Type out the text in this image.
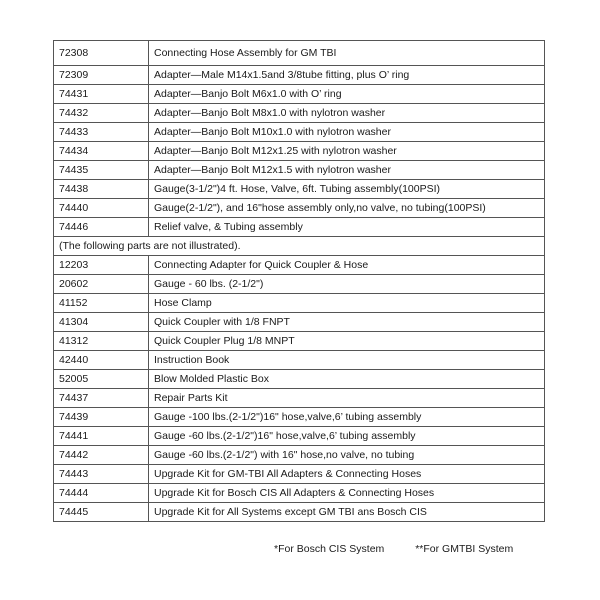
72308	Connecting Hose Assembly for GM TBI
72309	Adapter—Male M14x1.5and 3/8tube fitting, plus O’ ring
74431	Adapter—Banjo Bolt M6x1.0 with O’ ring
74432	Adapter—Banjo Bolt M8x1.0 with nylotron washer
74433	Adapter—Banjo Bolt M10x1.0 with nylotron washer
74434	Adapter—Banjo Bolt M12x1.25 with nylotron washer
74435	Adapter—Banjo Bolt M12x1.5 with nylotron washer
74438	Gauge(3-1/2")4 ft. Hose, Valve, 6ft. Tubing assembly(100PSI)
74440	Gauge(2-1/2"), and 16"hose assembly only,no valve, no tubing(100PSI)
74446	Relief valve, & Tubing assembly
(The following parts are not illustrated).	
12203	Connecting Adapter for Quick Coupler & Hose
20602	Gauge - 60 lbs. (2-1/2")
41152	Hose Clamp
41304	Quick Coupler with 1/8 FNPT
41312	Quick Coupler Plug 1/8 MNPT
42440	Instruction Book
52005	Blow Molded Plastic Box
74437	Repair Parts Kit
74439	Gauge -100 lbs.(2-1/2")16" hose,valve,6’ tubing assembly
74441	Gauge -60 lbs.(2-1/2")16" hose,valve,6’ tubing assembly
74442	Gauge -60 lbs.(2-1/2") with 16" hose,no valve, no tubing
74443	Upgrade Kit for GM-TBI All Adapters & Connecting Hoses
74444	Upgrade Kit for Bosch CIS All Adapters & Connecting Hoses
74445	Upgrade Kit for All Systems except GM TBI ans Bosch CIS
*For Bosch CIS System	**For GMTBI System
